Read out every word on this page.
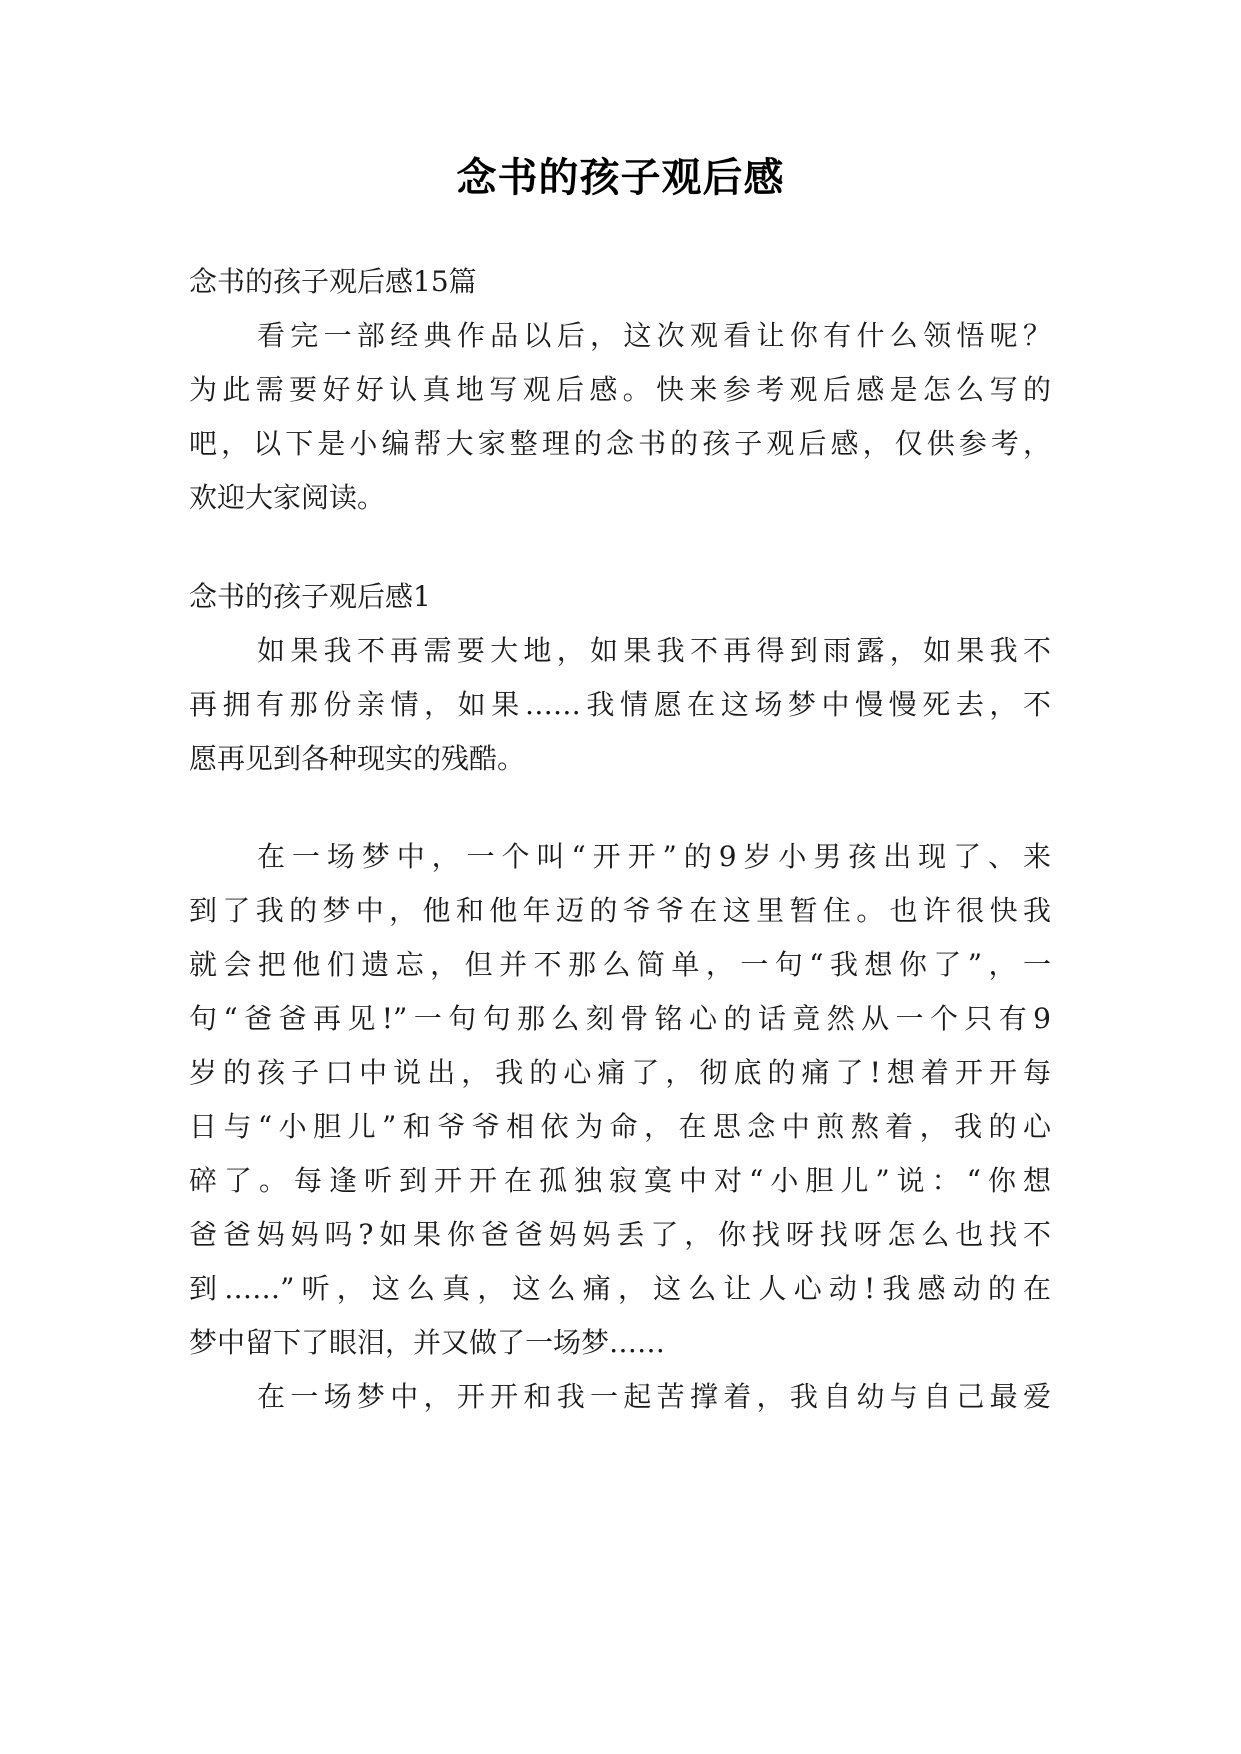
念书的孩子观后感
念书的孩子观后感15篇
看完一部经典作品以后，这次观看让你有什么领悟呢？
为此需要好好认真地写观后感。快来参考观后感是怎么写的
吧，以下是小编帮大家整理的念书的孩子观后感，仅供参考，
欢迎大家阅读。
念书的孩子观后感1
如果我不再需要大地，如果我不再得到雨露，如果我不
再拥有那份亲情，如果……我情愿在这场梦中慢慢死去，不
愿再见到各种现实的残酷。
在一场梦中，一个叫“开开”的9岁小男孩出现了、来
到了我的梦中，他和他年迈的爷爷在这里暂住。也许很快我
就会把他们遗忘，但并不那么简单，一句“我想你了”，一
句“爸爸再见!”一句句那么刻骨铭心的话竟然从一个只有9
岁的孩子口中说出，我的心痛了，彻底的痛了!想着开开每
日与“小胆儿”和爷爷相依为命，在思念中煎熬着，我的心
碎了。每逢听到开开在孤独寂寞中对“小胆儿”说：“你想
爸爸妈妈吗?如果你爸爸妈妈丢了，你找呀找呀怎么也找不
到……”听，这么真，这么痛，这么让人心动!我感动的在
梦中留下了眼泪，并又做了一场梦……
在一场梦中，开开和我一起苦撑着，我自幼与自己最爱
